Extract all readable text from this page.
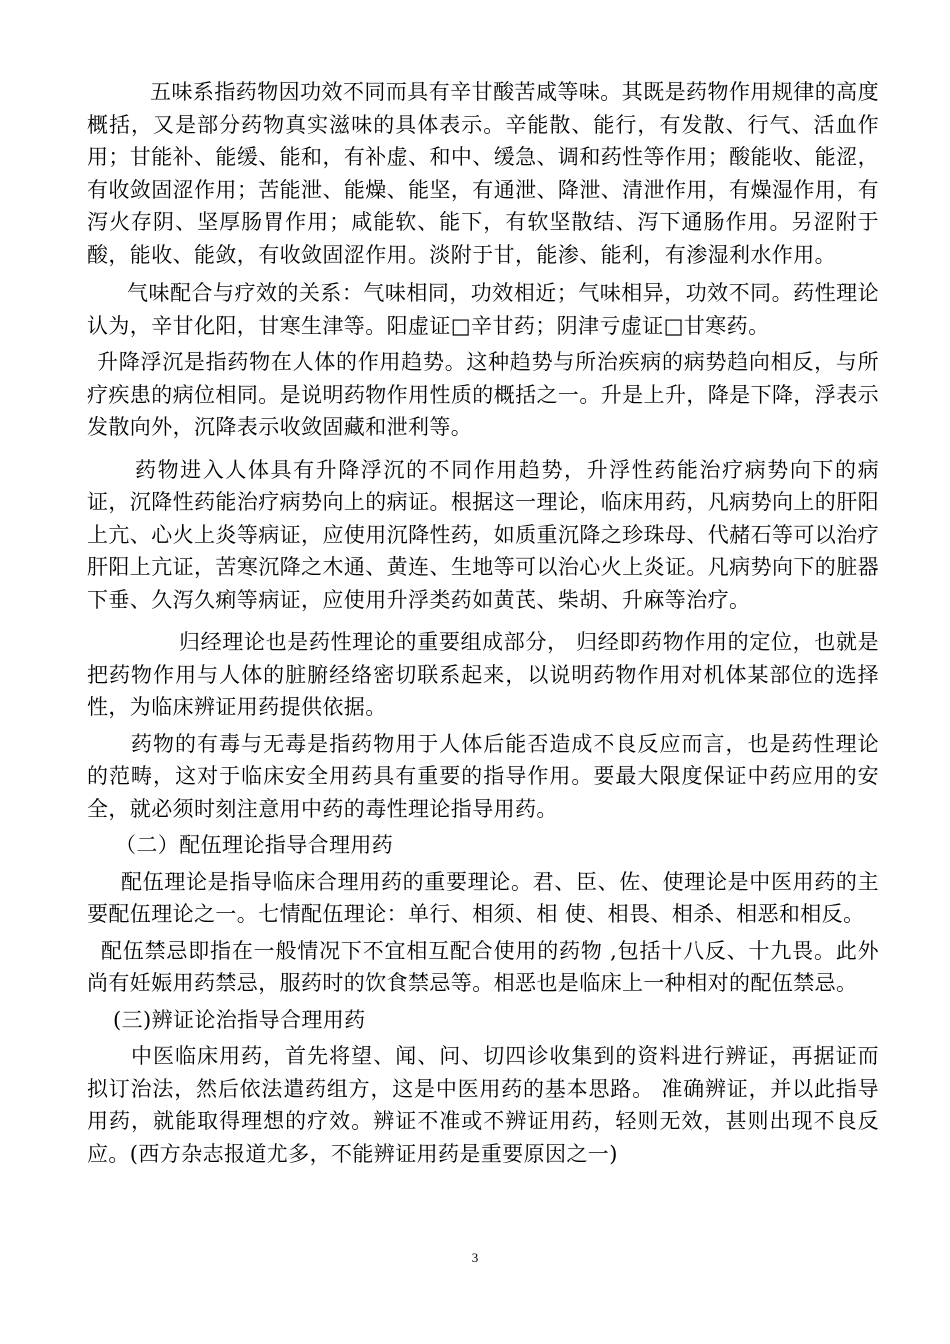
五味系指药物因功效不同而具有辛甘酸苦咸等味。其既是药物作用规律的高度概括，又是部分药物真实滋味的具体表示。辛能散、能行，有发散、行气、活血作用；甘能补、能缓、能和，有补虚、和中、缓急、调和药性等作用；酸能收、能涩，有收敛固涩作用；苦能泄、能燥、能坚，有通泄、降泄、清泄作用，有燥湿作用，有泻火存阴、坚厚肠胃作用；咸能软、能下，有软坚散结、泻下通肠作用。另涩附于酸，能收、能敛，有收敛固涩作用。淡附于甘，能渗、能利，有渗湿利水作用。

气味配合与疗效的关系：气味相同，功效相近；气味相异，功效不同。药性理论认为，辛甘化阳，甘寒生津等。阳虚证□辛甘药；阴津亏虚证□甘寒药。

升降浮沉是指药物在人体的作用趋势。这种趋势与所治疾病的病势趋向相反，与所疗疾患的病位相同。是说明药物作用性质的概括之一。升是上升，降是下降，浮表示发散向外，沉降表示收敛固藏和泄利等。

药物进入人体具有升降浮沉的不同作用趋势，升浮性药能治疗病势向下的病证，沉降性药能治疗病势向上的病证。根据这一理论，临床用药，凡病势向上的肝阳上亢、心火上炎等病证，应使用沉降性药，如质重沉降之珍珠母、代赭石等可以治疗肝阳上亢证，苦寒沉降之木通、黄连、生地等可以治心火上炎证。凡病势向下的脏器下垂、久泻久痢等病证，应使用升浮类药如黄芪、柴胡、升麻等治疗。

归经理论也是药性理论的重要组成部分， 归经即药物作用的定位，也就是把药物作用与人体的脏腑经络密切联系起来，以说明药物作用对机体某部位的选择性，为临床辨证用药提供依据。

药物的有毒与无毒是指药物用于人体后能否造成不良反应而言，也是药性理论的范畴，这对于临床安全用药具有重要的指导作用。要最大限度保证中药应用的安全，就必须时刻注意用中药的毒性理论指导用药。

（二）配伍理论指导合理用药

配伍理论是指导临床合理用药的重要理论。君、臣、佐、使理论是中医用药的主要配伍理论之一。七情配伍理论：单行、相须、相 使、相畏、相杀、相恶和相反。

配伍禁忌即指在一般情况下不宜相互配合使用的药物 ,包括十八反、十九畏。此外尚有妊娠用药禁忌，服药时的饮食禁忌等。相恶也是临床上一种相对的配伍禁忌。

(三)辨证论治指导合理用药

中医临床用药，首先将望、闻、问、切四诊收集到的资料进行辨证，再据证而拟订治法，然后依法遣药组方，这是中医用药的基本思路。 准确辨证，并以此指导用药，就能取得理想的疗效。辨证不准或不辨证用药，轻则无效，甚则出现不良反应。(西方杂志报道尤多，不能辨证用药是重要原因之一)

3
